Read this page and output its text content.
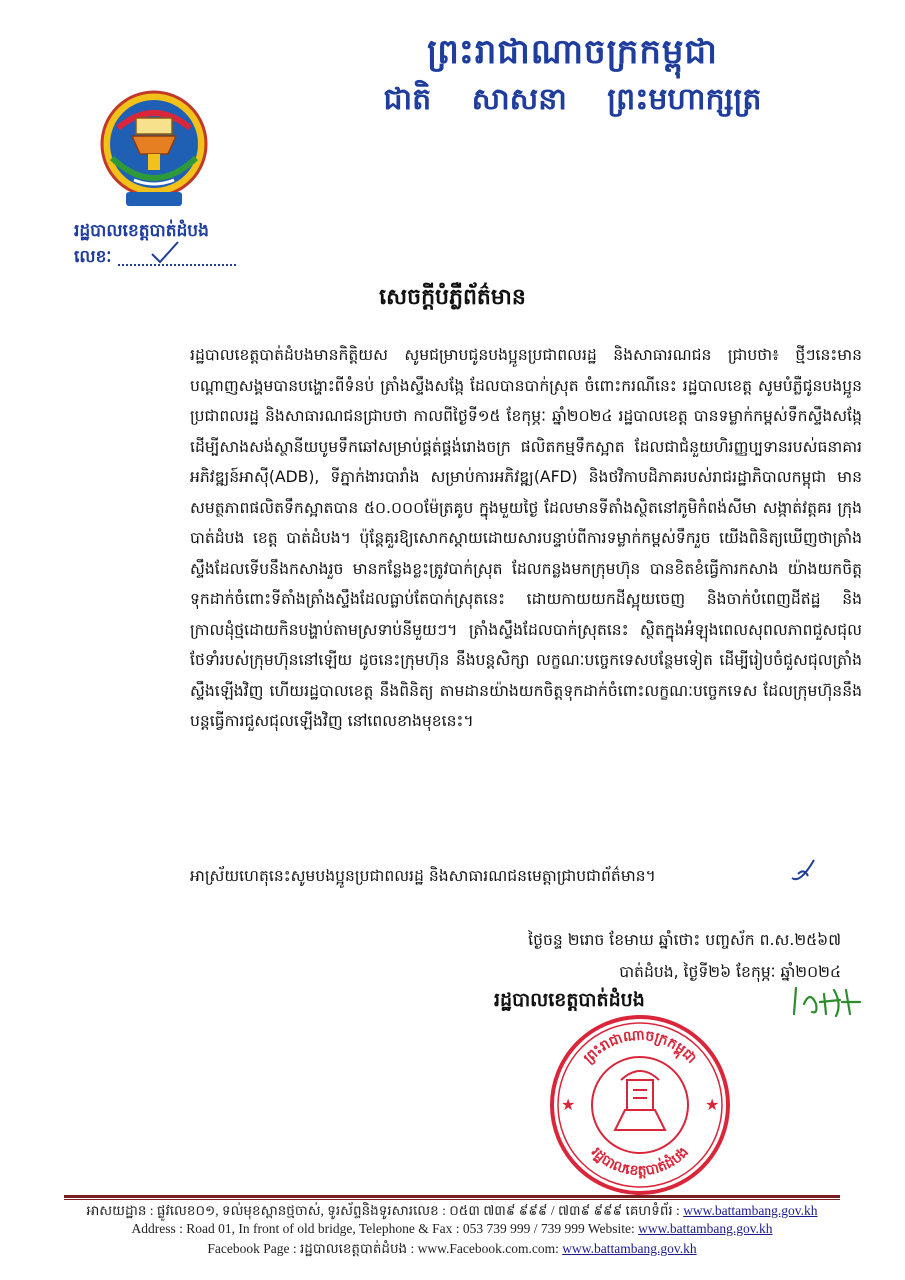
ព្រះរាជាណាចក្រកម្ពុជា
ជាតិ សាសនា ព្រះមហាក្សត្រ
រដ្ឋបាលខេត្តបាត់ដំបង
លេខៈ
សេចក្តីបំភ្លឺព័ត៌មាន

រដ្ឋបាលខេត្តបាត់ដំបងមានកិត្តិយស សូមជម្រាបជូនបងប្អូនប្រជាពលរដ្ឋ និងសាធារណជន ជ្រាបថា៖ ថ្មីៗនេះមានបណ្តាញសង្គមបានបង្ហោះពីទំនប់ ត្រាំងស្ទឹងសង្កែ ដែលបានបាក់ស្រុត ចំពោះករណីនេះ រដ្ឋបាលខេត្ត សូមបំភ្លឺជូនបងប្អូនប្រជាពលរដ្ឋ និងសាធារណជនជ្រាបថា កាលពីថ្ងៃទី១៥ ខែកុម្ភៈ ឆ្នាំ២០២៤ រដ្ឋបាលខេត្ត បានទម្លាក់កម្ពស់ទឹកស្ទឹងសង្កែ ដើម្បីសាងសង់ស្ថានីយបូមទឹកឆៅសម្រាប់ផ្គត់ផ្គង់រោងចក្រ ផលិតកម្មទឹកស្អាត ដែលជាជំនួយហិរញ្ញប្បទានរបស់ធនាគារអភិវឌ្ឍន៍អាស៊ី(ADB), ទីភ្នាក់ងារបារាំង សម្រាប់ការអភិវឌ្ឍ(AFD) និងថវិកាបដិភាគរបស់រាជរដ្ឋាភិបាលកម្ពុជា មានសមត្ថភាពផលិតទឹកស្អាតបាន ៥០.០០០ម៉ែត្រគូប ក្នុងមួយថ្ងៃ ដែលមានទីតាំងស្ថិតនៅភូមិកំពង់សីមា សង្កាត់វត្តគរ ក្រុងបាត់ដំបង ខេត្ត បាត់ដំបង។ ប៉ុន្តែគួរឱ្យសោកស្តាយដោយសារបន្ទាប់ពីការទម្លាក់កម្ពស់ទឹករួច យើងពិនិត្យឃើញថាត្រាំង ស្ទឹងដែលទើបនឹងកសាងរួច មានកន្លែងខ្លះត្រូវបាក់ស្រុត ដែលកន្លងមកក្រុមហ៊ុន បានខិតខំធ្វើការកសាង យ៉ាងយកចិត្តទុកដាក់ចំពោះទីតាំងត្រាំងស្ទឹងដែលធ្លាប់តែបាក់ស្រុតនេះ ដោយកាយយកដីស្អុយចេញ និងចាក់បំពេញដីឥដ្ឋ និងក្រាលដុំថ្មដោយកិនបង្ហាប់តាមស្រទាប់នីមួយៗ។ ត្រាំងស្ទឹងដែលបាក់ស្រុតនេះ ស្ថិតក្នុងអំឡុងពេលសុពលភាពជួសជុលថែទាំរបស់ក្រុមហ៊ុននៅឡើយ ដូចនេះក្រុមហ៊ុន នឹងបន្តសិក្សា លក្ខណៈបច្ចេកទេសបន្ថែមទៀត ដើម្បីរៀបចំជួសជុលត្រាំងស្ទឹងឡើងវិញ ហើយរដ្ឋបាលខេត្ត នឹងពិនិត្យ តាមដានយ៉ាងយកចិត្តទុកដាក់ចំពោះលក្ខណៈបច្ចេកទេស ដែលក្រុមហ៊ុននឹងបន្តធ្វើការជួសជុលឡើងវិញ នៅពេលខាងមុខនេះ។

អាស្រ័យហេតុនេះសូមបងប្អូនប្រជាពលរដ្ឋ និងសាធារណជនមេត្តាជ្រាបជាព័ត៌មាន។
ថ្ងៃចន្ទ ២រោច ខែមាឃ ឆ្នាំថោះ បញ្ចស័ក ព.ស.២៥៦៧
បាត់ដំបង, ថ្ងៃទី២៦ ខែកុម្ភៈ ឆ្នាំ២០២៤
រដ្ឋបាលខេត្តបាត់ដំបង
ព្រះរាជាណាចក្រកម្ពុជា
រដ្ឋបាលខេត្តបាត់ដំបង
★	★
អាសយដ្ឋាន : ផ្លូវលេខ០១, ទល់មុខស្ពានថ្មចាស់, ទូរស័ព្ទនិងទូរសារលេខ : ០៥៣ ៧៣៩ ៩៩៩ / ៧៣៩ ៩៩៩ គេហទំព័រ : www.battambang.gov.kh
Address : Road 01, In front of old bridge, Telephone & Fax : 053 739 999 / 739 999 Website: www.battambang.gov.kh
Facebook Page : រដ្ឋបាលខេត្តបាត់ដំបង : www.Facebook.com.com: www.battambang.gov.kh
